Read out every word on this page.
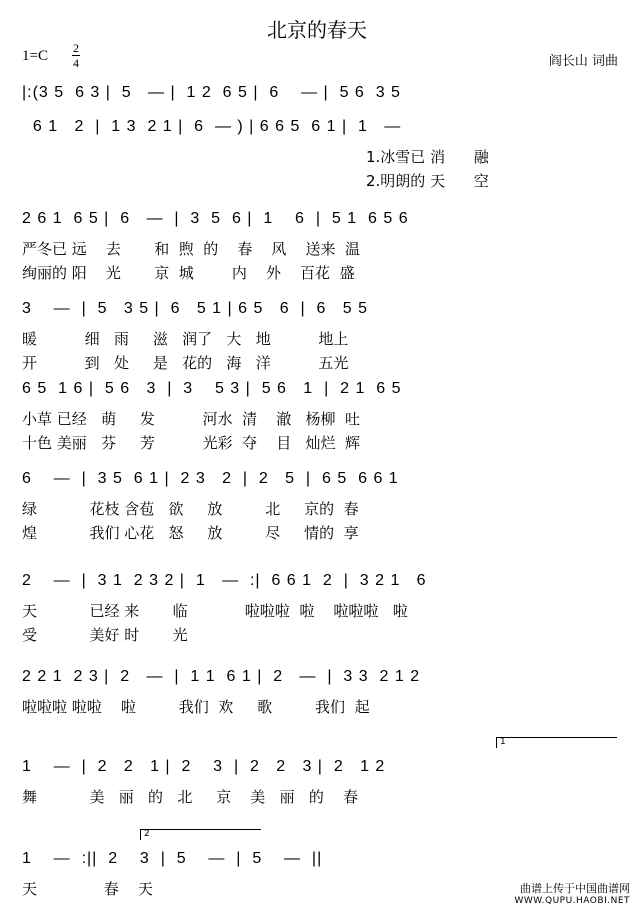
北京的春天
1=C 2
4	阎长山 词曲
|:(3 5  6 3 |  5   — |  1 2  6 5 |  6    — |  5 6  3 5
6 1   2  |  1 3  2 1 |  6  — ) | 6 6 5  6 1 |  1   —
1.冰雪已 消      融
2.明朗的 天      空
2 6 1  6 5 |  6   —  |  3  5  6 |  1    6  |  5 1  6 5 6
严冬已 远    去       和  煦  的    春    风    送来  温
绚丽的 阳    光       京  城        内    外    百花  盛
3    —  |  5   3 5 |  6   5 1 | 6 5   6  |  6   5 5
暖          细   雨     滋   润了   大   地          地上
开          到   处     是   花的   海   洋          五光
6 5  1 6 |  5 6   3  |  3    5 3 |  5 6   1  |  2 1  6 5
小草 已经   萌     发          河水  清    澈   杨柳  吐
十色 美丽   芬     芳          光彩  夺    目   灿烂  辉
6    —  |  3 5  6 1 |  2 3   2  |  2   5  |  6 5  6 6 1
绿           花枝 含苞   欲     放         北     京的  春
煌           我们 心花   怒     放         尽     情的  享
2    —  |  3 1  2 3 2 |  1   —  :|  6 6 1  2  |  3 2 1   6
天           已经 来       临            啦啦啦  啦    啦啦啦   啦
受           美好 时       光
2 2 1  2 3 |  2   —  |  1 1  6 1 |  2   —  |  3 3  2 1 2
啦啦啦 啦啦    啦         我们  欢     歌         我们  起
1    —  |  2   2   1 |  2    3  |  2   2   3 |  2   1 2
舞           美   丽   的   北     京    美   丽   的    春
1    —  :||  2    3  |  5    —  |  5    —  ||
天              春    天
1
2
曲谱上传于中国曲谱网
WWW.QUPU.HAOBI.NET
